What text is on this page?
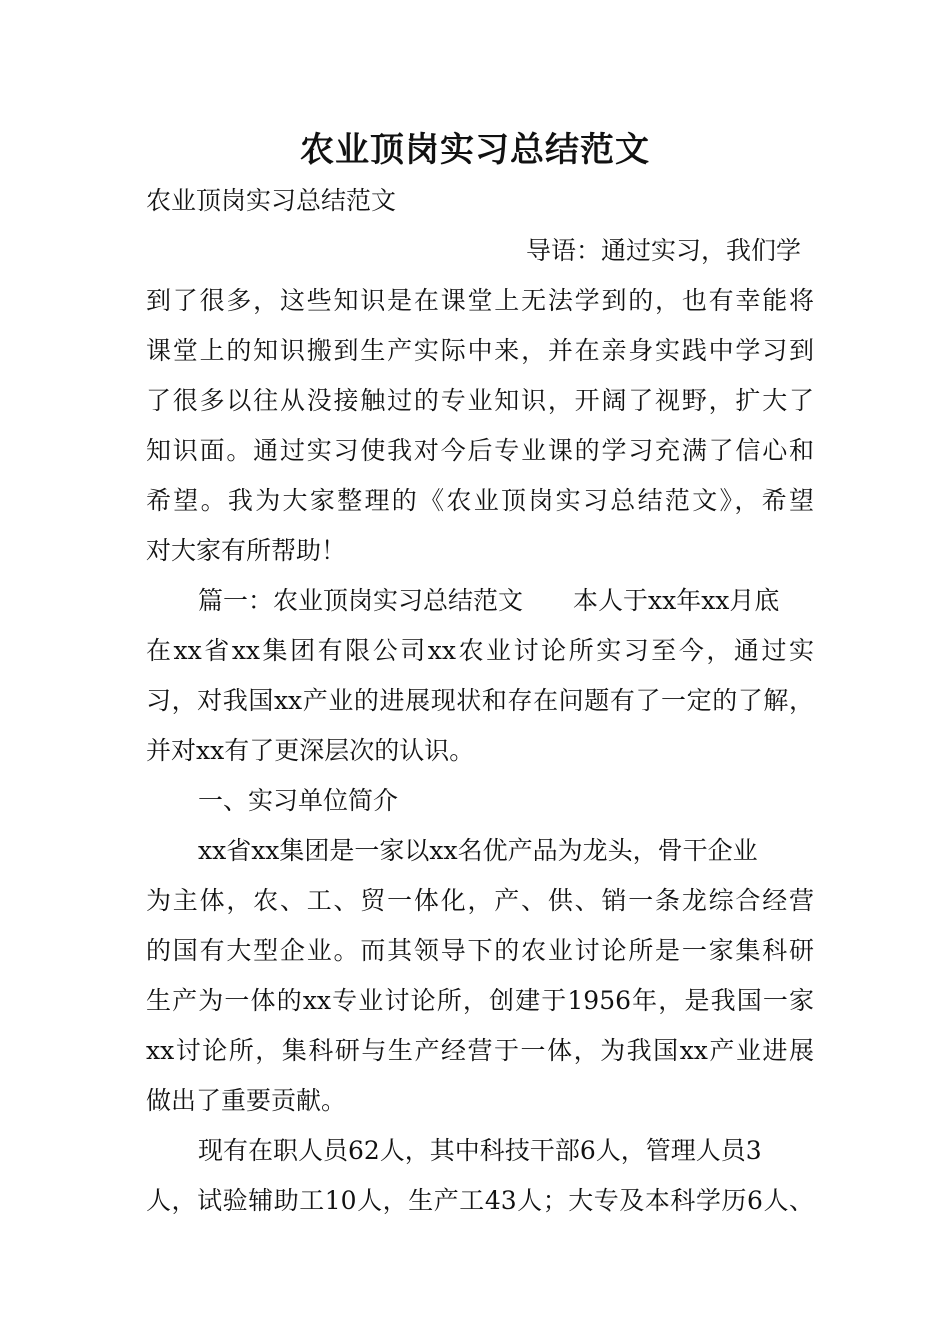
农业顶岗实习总结范文
农业顶岗实习总结范文
导语：通过实习，我们学
到了很多，这些知识是在课堂上无法学到的，也有幸能将
课堂上的知识搬到生产实际中来，并在亲身实践中学习到
了很多以往从没接触过的专业知识，开阔了视野，扩大了
知识面。通过实习使我对今后专业课的学习充满了信心和
希望。我为大家整理的《农业顶岗实习总结范文》，希望
对大家有所帮助！
篇一：农业顶岗实习总结范文　　本人于xx年xx月底
在xx省xx集团有限公司xx农业讨论所实习至今，通过实
习，对我国xx产业的进展现状和存在问题有了一定的了解，
并对xx有了更深层次的认识。
一、实习单位简介
xx省xx集团是一家以xx名优产品为龙头，骨干企业
为主体，农、工、贸一体化，产、供、销一条龙综合经营
的国有大型企业。而其领导下的农业讨论所是一家集科研
生产为一体的xx专业讨论所，创建于1956年，是我国一家
xx讨论所，集科研与生产经营于一体，为我国xx产业进展
做出了重要贡献。
现有在职人员62人，其中科技干部6人，管理人员3
人，试验辅助工10人，生产工43人；大专及本科学历6人、
